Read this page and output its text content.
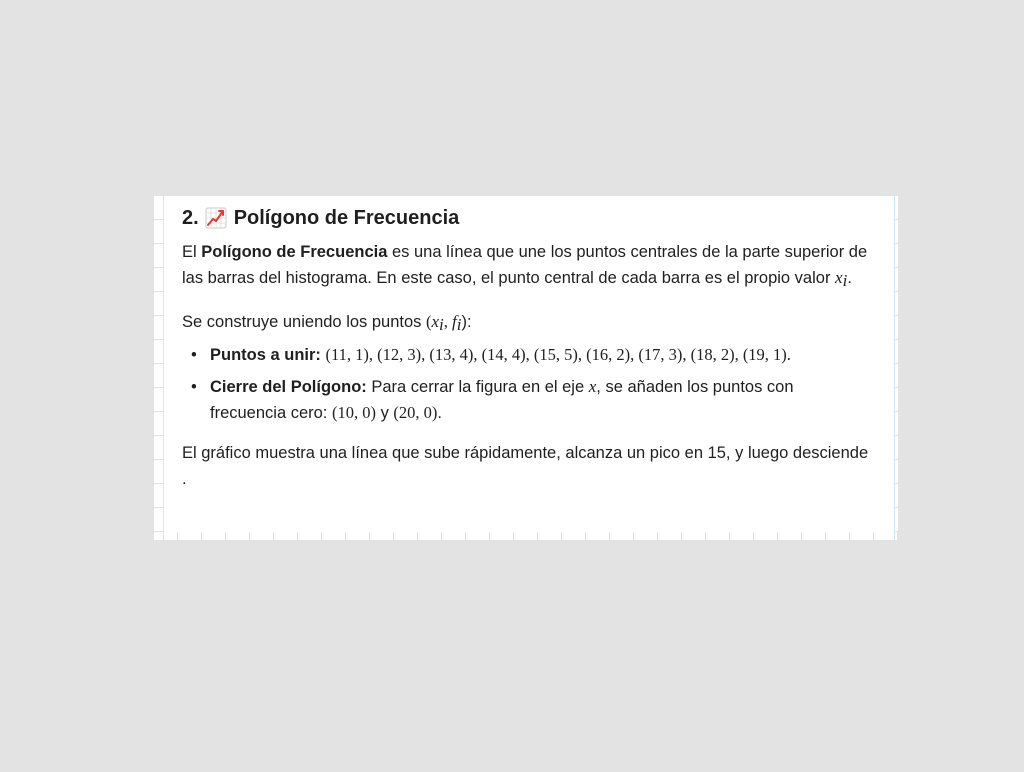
2. Polígono de Frecuencia

El Polígono de Frecuencia es una línea que une los puntos centrales de la parte superior de las barras del histograma. En este caso, el punto central de cada barra es el propio valor $x_i$.

Se construye uniendo los puntos ($x_i$, $f_i$):

• Puntos a unir: (11, 1), (12, 3), (13, 4), (14, 4), (15, 5), (16, 2), (17, 3), (18, 2), (19, 1).
• Cierre del Polígono: Para cerrar la figura en el eje x, se añaden los puntos con frecuencia cero: (10, 0) y (20, 0).

El gráfico muestra una línea que sube rápidamente, alcanza un pico en 15, y luego desciende .
